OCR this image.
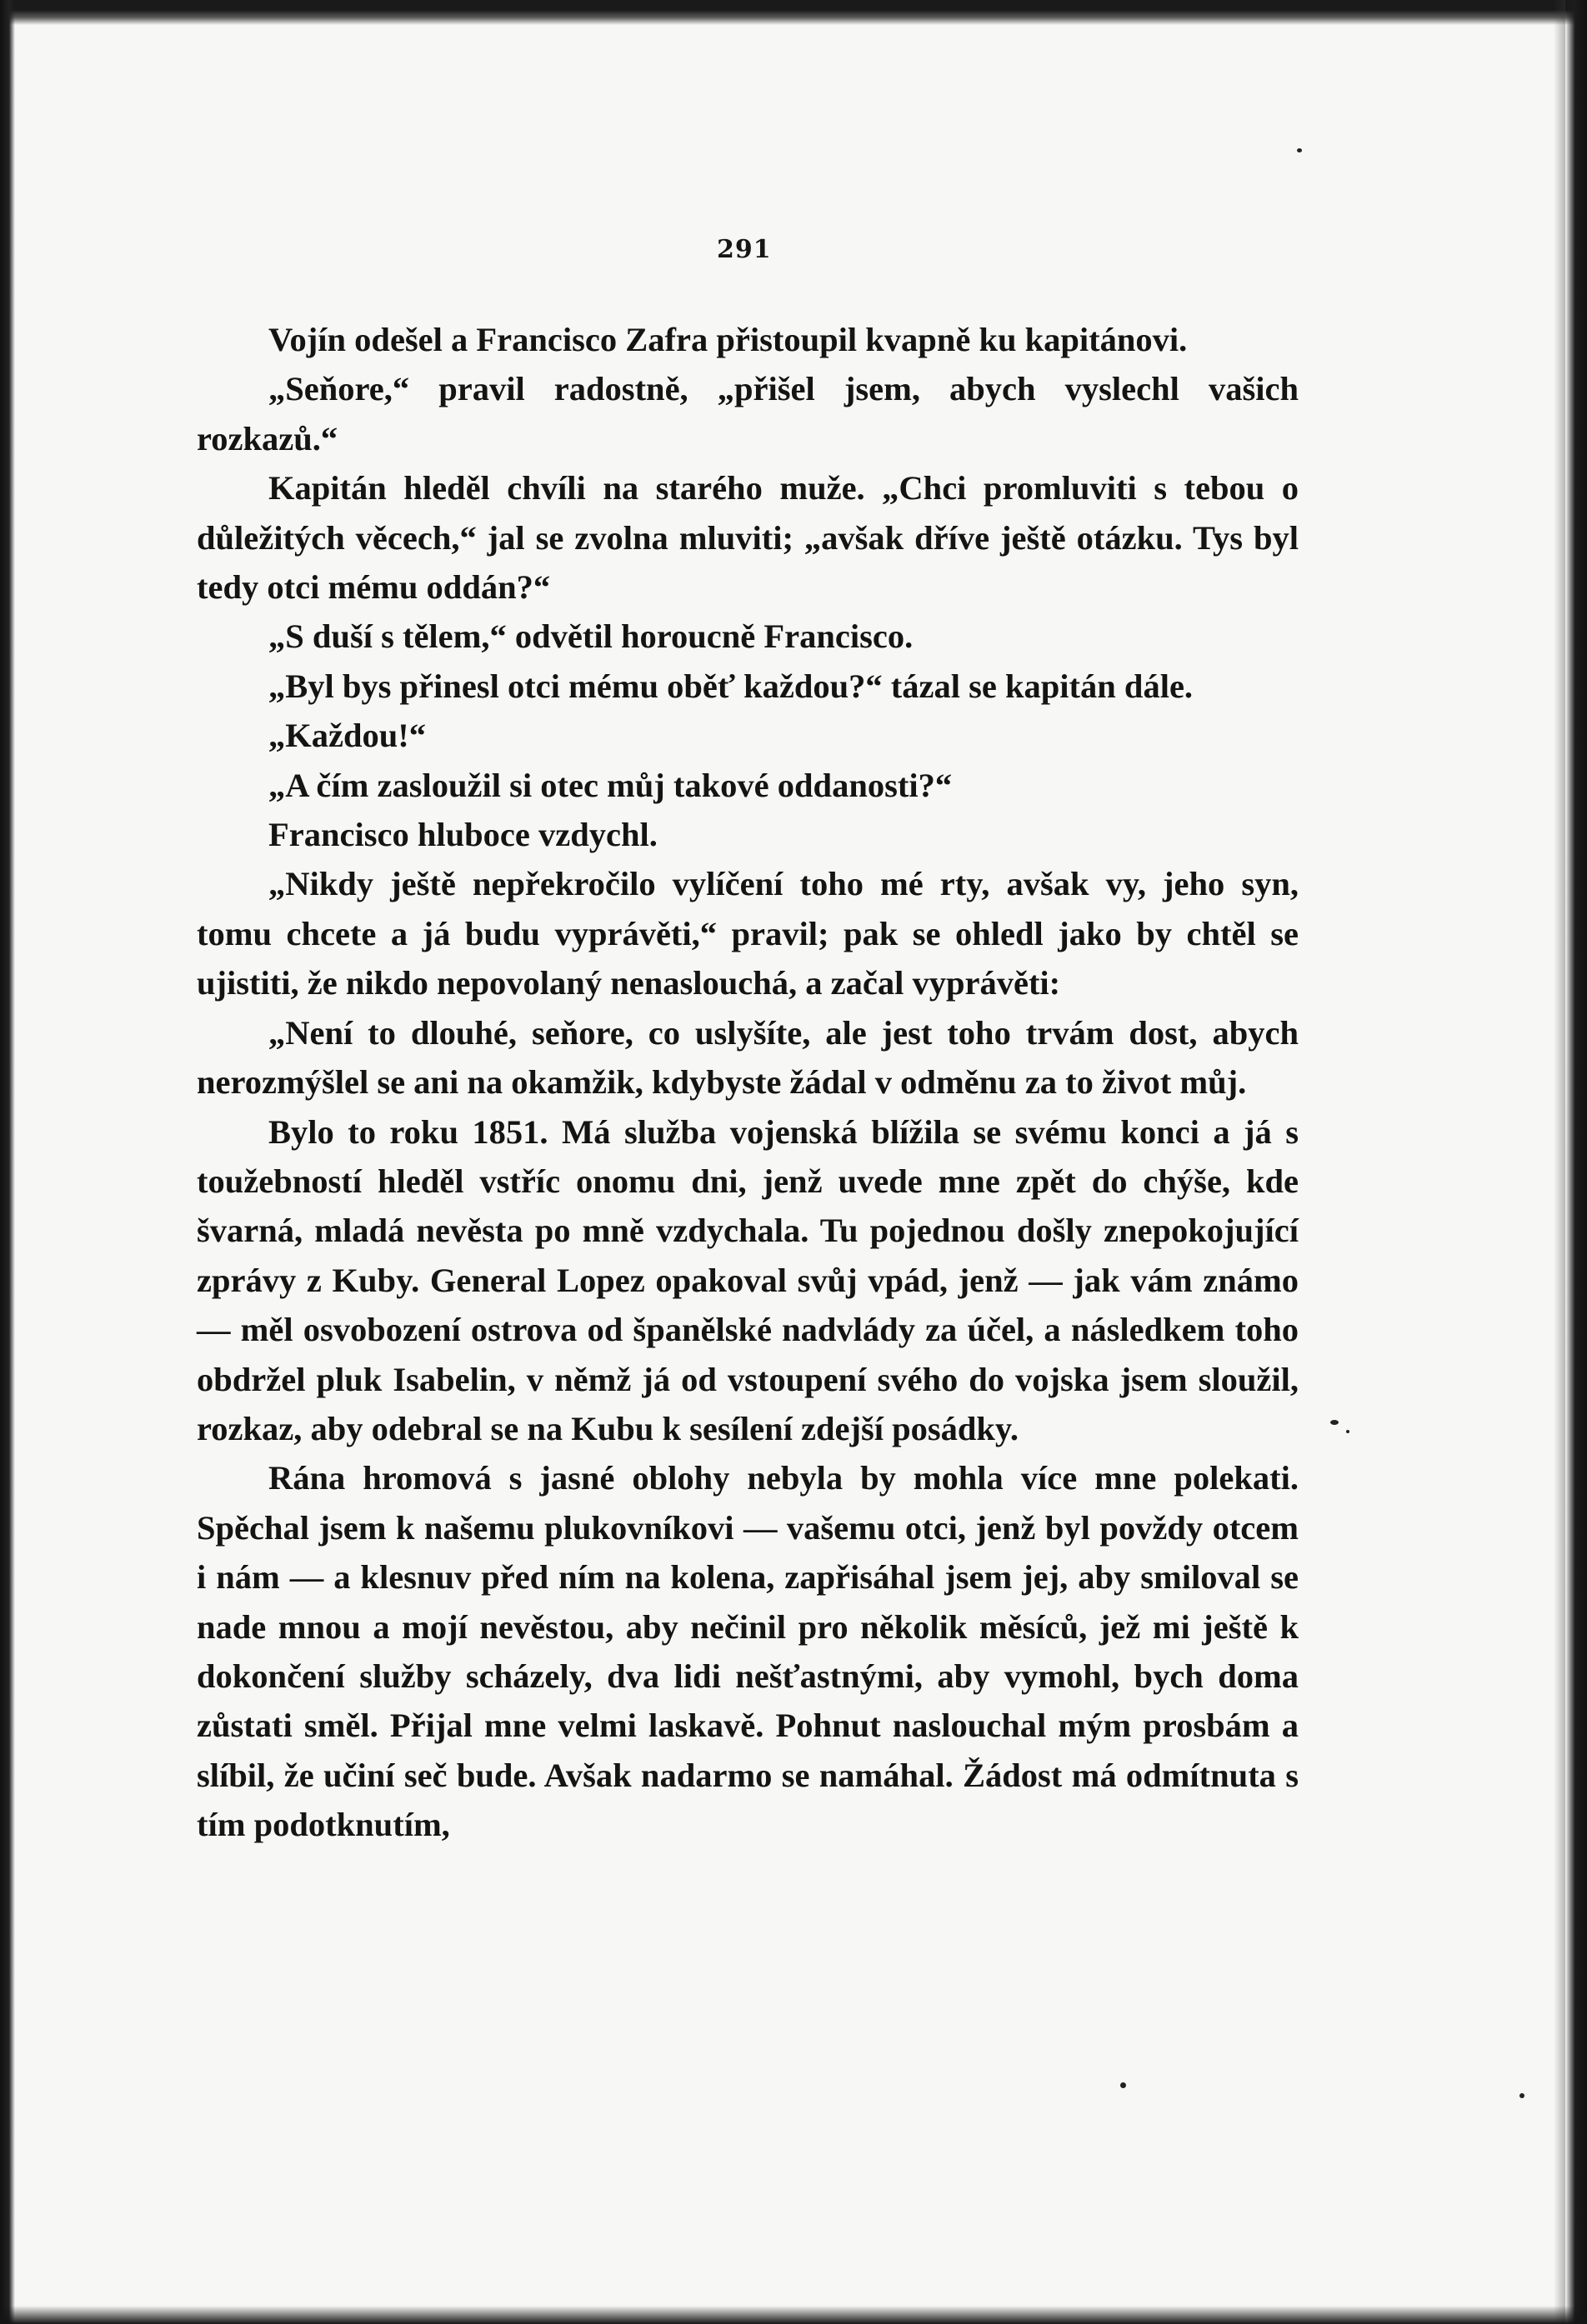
291

Vojín odešel a Francisco Zafra přistoupil kvapně ku kapitánovi.

„Seňore,“ pravil radostně, „přišel jsem, abych vyslechl vašich rozkazů.“

Kapitán hleděl chvíli na starého muže. „Chci promluviti s tebou o důležitých věcech,“ jal se zvolna mluviti; „avšak dříve ještě otázku. Tys byl tedy otci mému oddán?“

„S duší s tělem,“ odvětil horoucně Francisco.

„Byl bys přinesl otci mému oběť každou?“ tázal se kapitán dále.

„Každou!“

„A čím zasloužil si otec můj takové oddanosti?“

Francisco hluboce vzdychl.

„Nikdy ještě nepřekročilo vylíčení toho mé rty, avšak vy, jeho syn, tomu chcete a já budu vyprávěti,“ pravil; pak se ohledl jako by chtěl se ujistiti, že nikdo nepovolaný nenaslouchá, a začal vyprávěti:

„Není to dlouhé, seňore, co uslyšíte, ale jest toho trvám dost, abych nerozmýšlel se ani na okamžik, kdybyste žádal v odměnu za to život můj.

Bylo to roku 1851. Má služba vojenská blížila se svému konci a já s toužebností hleděl vstříc onomu dni, jenž uvede mne zpět do chýše, kde švarná, mladá nevěsta po mně vzdychala. Tu pojednou došly znepokojující zprávy z Kuby. General Lopez opakoval svůj vpád, jenž — jak vám známo — měl osvobození ostrova od španělské nadvlády za účel, a následkem toho obdržel pluk Isabelin, v němž já od vstoupení svého do vojska jsem sloužil, rozkaz, aby odebral se na Kubu k sesílení zdejší posádky.

Rána hromová s jasné oblohy nebyla by mohla více mne polekati. Spěchal jsem k našemu plukovníkovi — vašemu otci, jenž byl povždy otcem i nám — a klesnuv před ním na kolena, zapřisáhal jsem jej, aby smiloval se nade mnou a mojí nevěstou, aby nečinil pro několik měsíců, jež mi ještě k dokončení služby scházely, dva lidi nešťastnými, aby vymohl, bych doma zůstati směl. Přijal mne velmi laskavě. Pohnut naslouchal mým prosbám a slíbil, že učiní seč bude. Avšak nadarmo se namáhal. Žádost má odmítnuta s tím podotknutím,
